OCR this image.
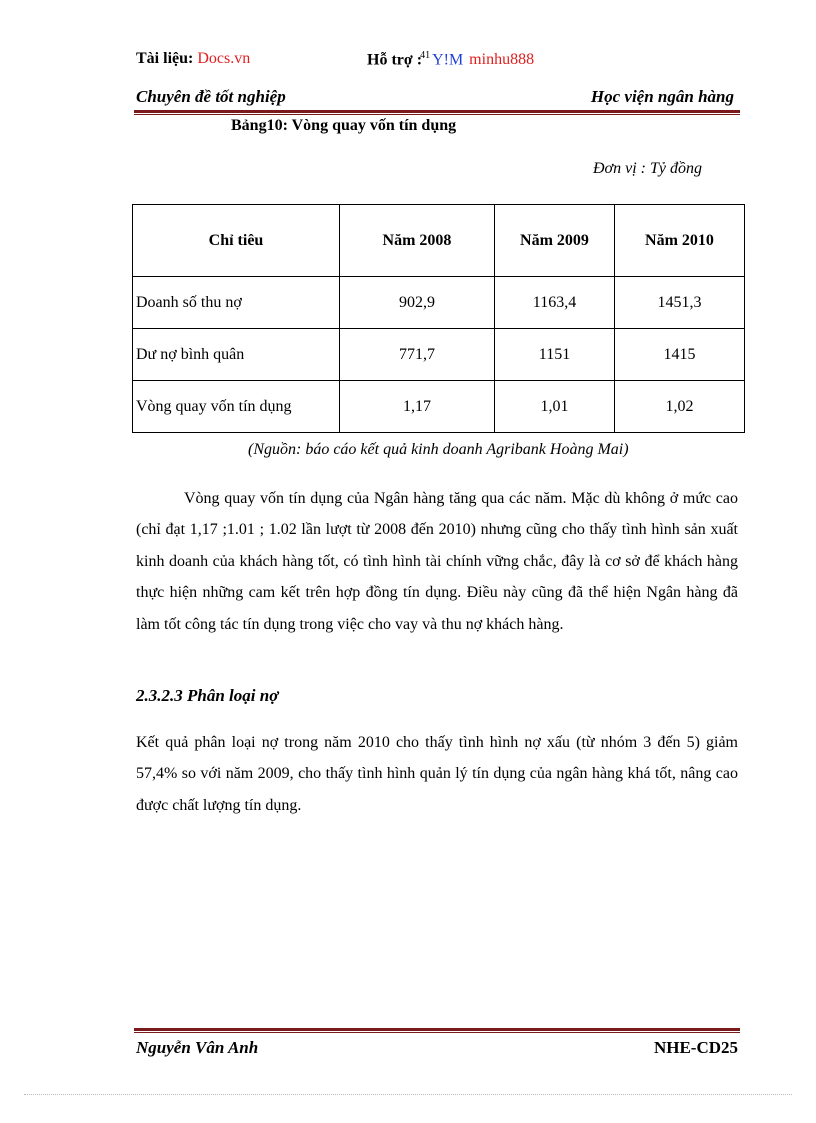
Tài liệu: Docs.vn	Hỗ trợ :$^{41}$ Y!M minhu888
Chuyên đề tốt nghiệp	Học viện ngân hàng
Bảng10: Vòng quay vốn tín dụng
Đơn vị : Tỷ đồng
Chỉ tiêu	Năm 2008	Năm 2009	Năm 2010
Doanh số thu nợ	902,9	1163,4	1451,3
Dư nợ bình quân	771,7	1151	1415
Vòng quay vốn tín dụng	1,17	1,01	1,02
(Nguồn: báo cáo kết quả kinh doanh Agribank Hoàng Mai)
Vòng quay vốn tín dụng của Ngân hàng tăng qua các năm. Mặc dù không ở mức cao (chỉ đạt 1,17 ;1.01 ; 1.02 lần lượt từ 2008 đến 2010) nhưng cũng cho thấy tình hình sản xuất kinh doanh của khách hàng tốt, có tình hình tài chính vững chắc, đây là cơ sở để khách hàng thực hiện những cam kết trên hợp đồng tín dụng. Điều này cũng đã thể hiện Ngân hàng đã làm tốt công tác tín dụng trong việc cho vay và thu nợ khách hàng.
2.3.2.3 Phân loại nợ
Kết quả phân loại nợ trong năm 2010 cho thấy tình hình nợ xấu (từ nhóm 3 đến 5) giảm 57,4% so với năm 2009, cho thấy tình hình quản lý tín dụng của ngân hàng khá tốt, nâng cao được chất lượng tín dụng.
Nguyễn Vân Anh	NHE-CD25
